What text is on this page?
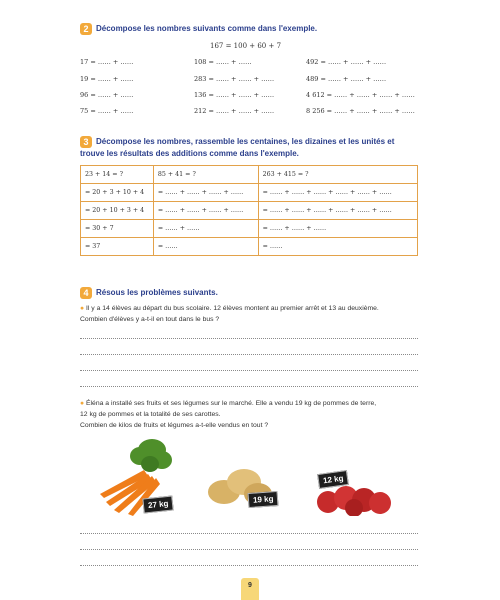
2 Décompose les nombres suivants comme dans l'exemple.
167 = 100 + 60 + 7
17 = …… + ……	108 = …… + ……	492 = …… + …… + ……
19 = …… + ……	283 = …… + …… + ……	489 = …… + …… + ……
96 = …… + ……	136 = …… + …… + ……	4 612 = …… + …… + …… + ……
75 = …… + ……	212 = …… + …… + ……	8 256 = …… + …… + …… + ……
3 Décompose les nombres, rassemble les centaines, les dizaines et les unités et
trouve les résultats des additions comme dans l'exemple.
23 + 14 = ?	85 + 41 = ?	263 + 415 = ?
= 20 + 3 + 10 + 4	= …… + …… + …… + ……	= …… + …… + …… + …… + …… + ……
= 20 + 10 + 3 + 4	= …… + …… + …… + ……	= …… + …… + …… + …… + …… + ……
= 30 + 7	= …… + ……	= …… + …… + ……
= 37	= ……	= ……
4 Résous les problèmes suivants.
● Il y a 14 élèves au départ du bus scolaire. 12 élèves montent au premier arrêt et 13 au deuxième.
Combien d'élèves y a-t-il en tout dans le bus ?
● Éléna a installé ses fruits et ses légumes sur le marché. Elle a vendu 19 kg de pommes de terre,
12 kg de pommes et la totalité de ses carottes.
Combien de kilos de fruits et légumes a-t-elle vendus en tout ?
27 kg	19 kg
12 kg
9
